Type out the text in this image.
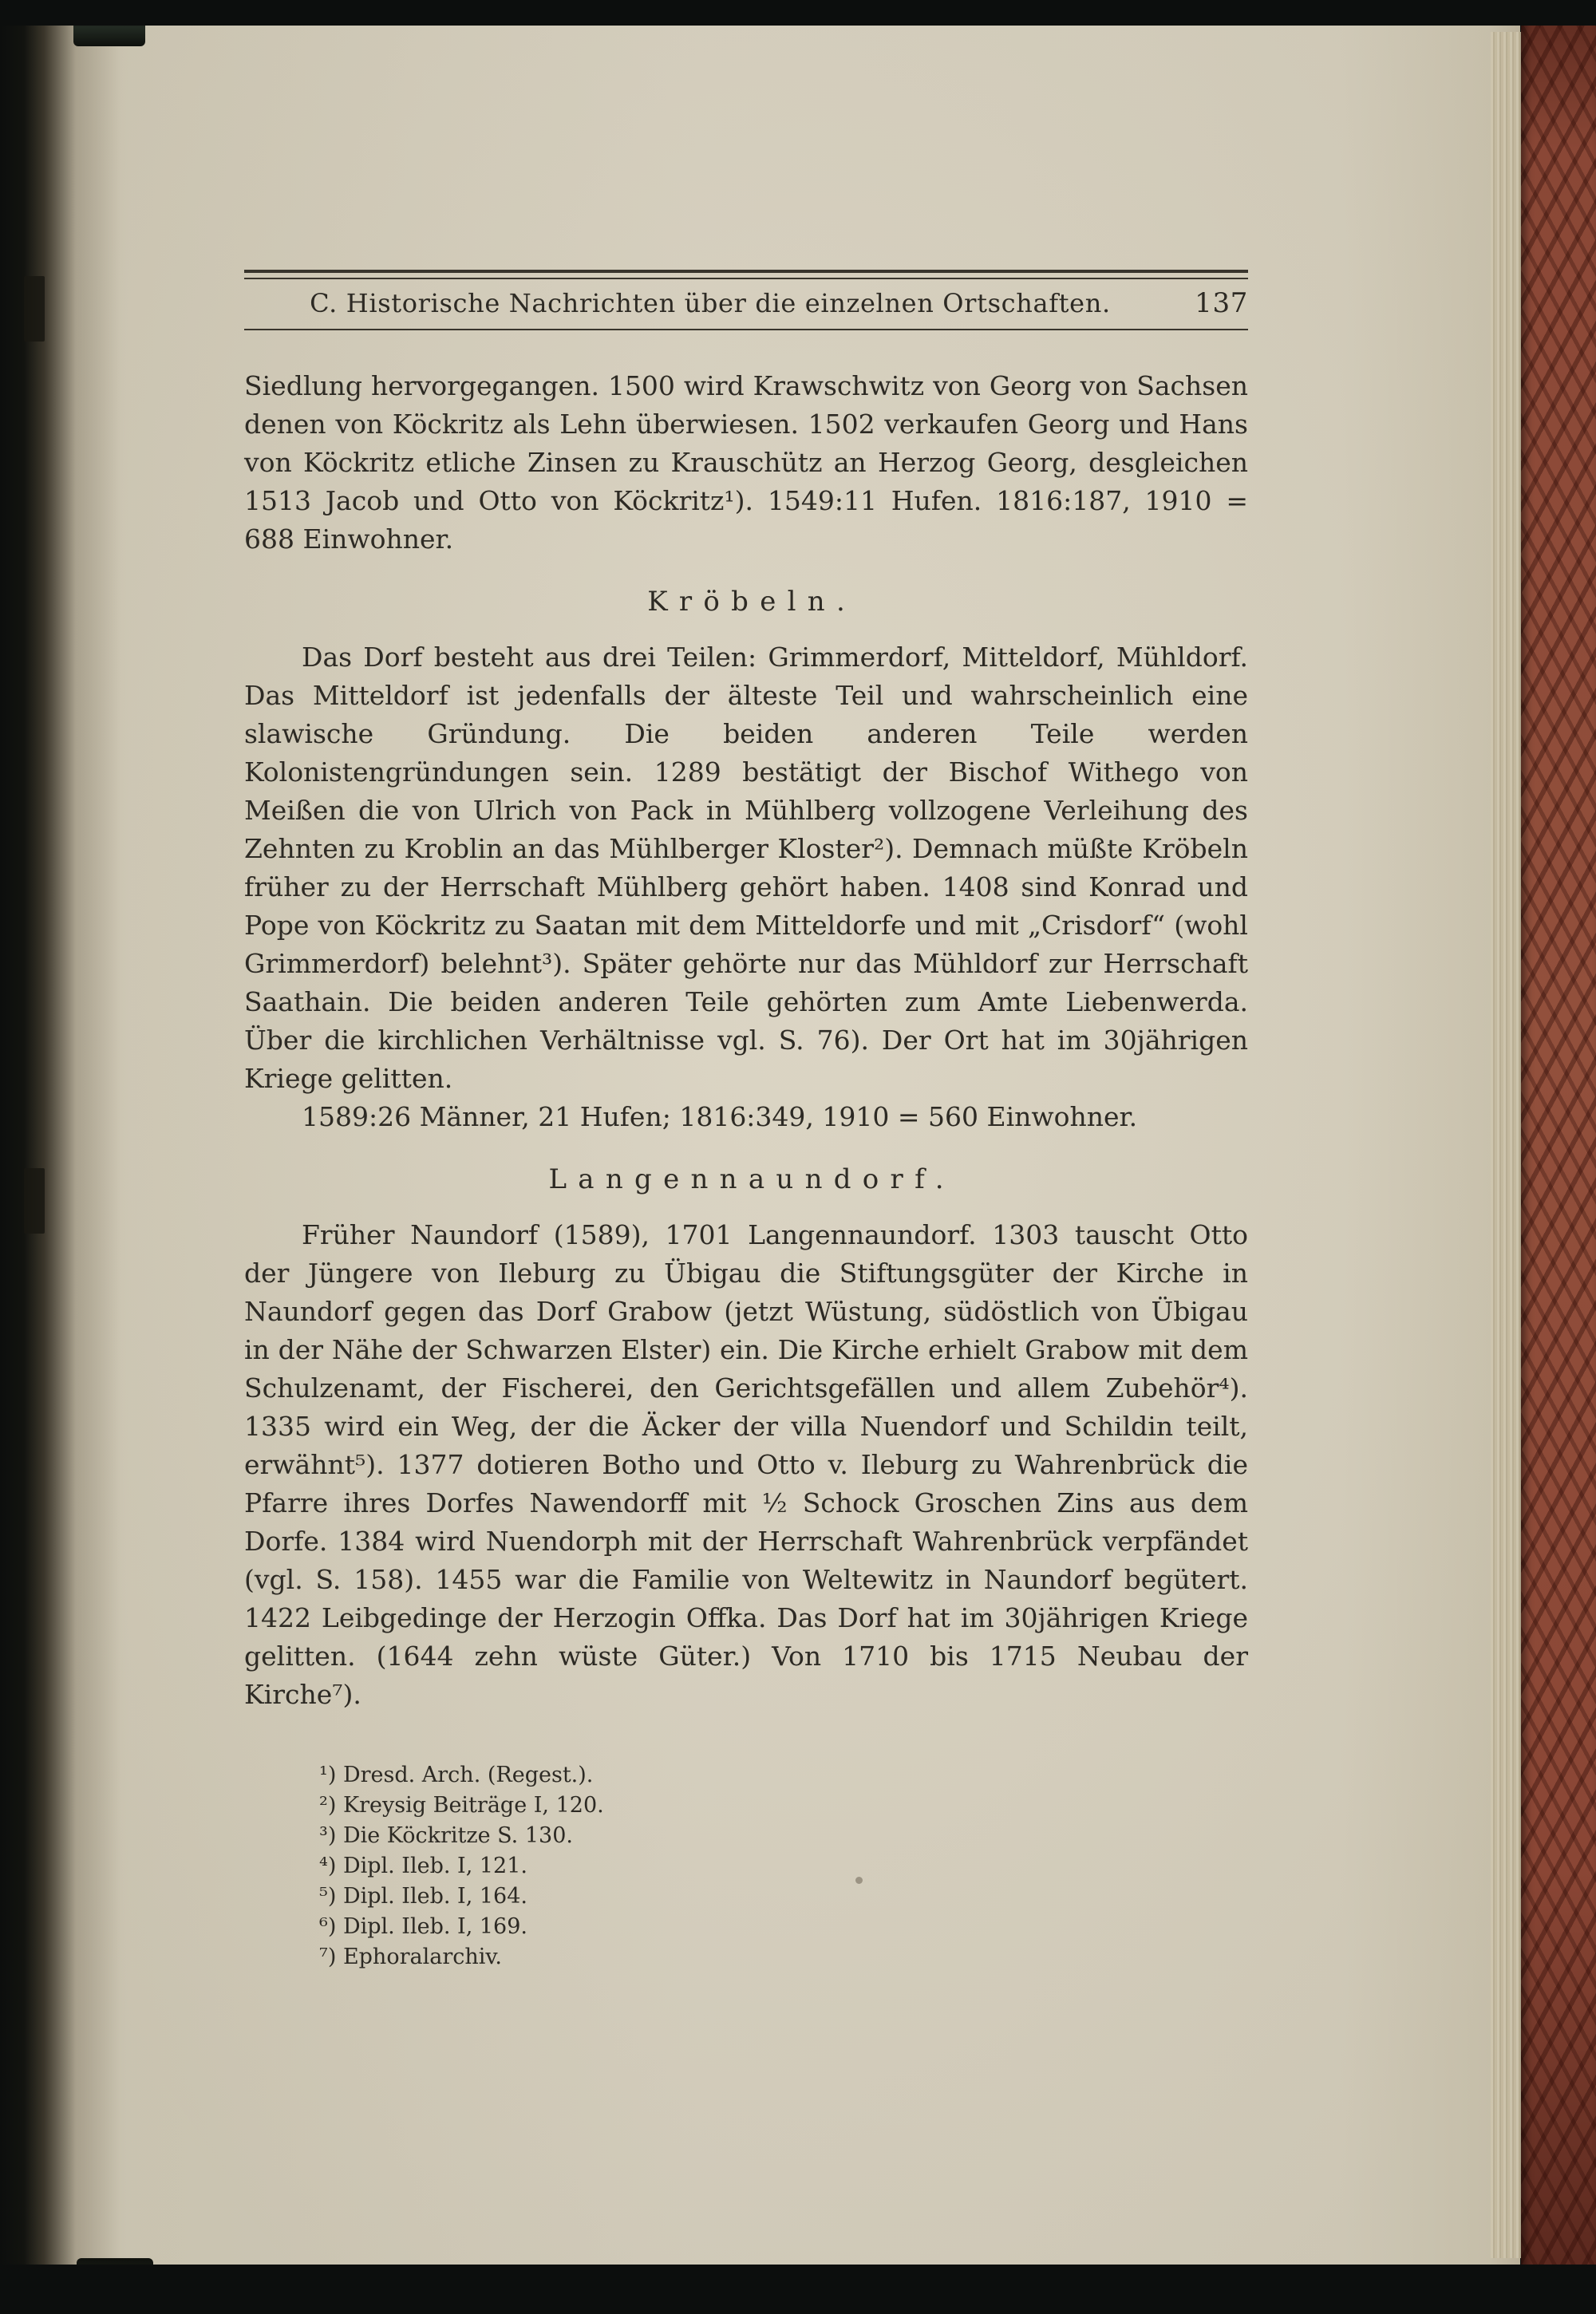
C. Historische Nachrichten über die einzelnen Ortschaften.	137

Siedlung hervorgegangen. 1500 wird Krawschwitz von Georg von Sachsen denen von Köckritz als Lehn überwiesen. 1502 verkaufen Georg und Hans von Köckritz etliche Zinsen zu Krauschütz an Herzog Georg, desgleichen 1513 Jacob und Otto von Köckritz¹). 1549:11 Hufen. 1816:187, 1910 = 688 Einwohner.

Kröbeln.

Das Dorf besteht aus drei Teilen: Grimmerdorf, Mitteldorf, Mühldorf. Das Mitteldorf ist jedenfalls der älteste Teil und wahrscheinlich eine slawische Gründung. Die beiden anderen Teile werden Kolonistengründungen sein. 1289 bestätigt der Bischof Withego von Meißen die von Ulrich von Pack in Mühlberg vollzogene Verleihung des Zehnten zu Kroblin an das Mühlberger Kloster²). Demnach müßte Kröbeln früher zu der Herrschaft Mühlberg gehört haben. 1408 sind Konrad und Pope von Köckritz zu Saatan mit dem Mitteldorfe und mit „Crisdorf“ (wohl Grimmerdorf) belehnt³). Später gehörte nur das Mühldorf zur Herrschaft Saathain. Die beiden anderen Teile gehörten zum Amte Liebenwerda. Über die kirchlichen Verhältnisse vgl. S. 76). Der Ort hat im 30jährigen Kriege gelitten.

1589:26 Männer, 21 Hufen; 1816:349, 1910 = 560 Einwohner.

Langennaundorf.

Früher Naundorf (1589), 1701 Langennaundorf. 1303 tauscht Otto der Jüngere von Ileburg zu Übigau die Stiftungsgüter der Kirche in Naundorf gegen das Dorf Grabow (jetzt Wüstung, südöstlich von Übigau in der Nähe der Schwarzen Elster) ein. Die Kirche erhielt Grabow mit dem Schulzenamt, der Fischerei, den Gerichtsgefällen und allem Zubehör⁴). 1335 wird ein Weg, der die Äcker der villa Nuendorf und Schildin teilt, erwähnt⁵). 1377 dotieren Botho und Otto v. Ileburg zu Wahrenbrück die Pfarre ihres Dorfes Nawendorff mit ½ Schock Groschen Zins aus dem Dorfe. 1384 wird Nuendorph mit der Herrschaft Wahrenbrück verpfändet (vgl. S. 158). 1455 war die Familie von Weltewitz in Naundorf begütert. 1422 Leibgedinge der Herzogin Offka. Das Dorf hat im 30jährigen Kriege gelitten. (1644 zehn wüste Güter.) Von 1710 bis 1715 Neubau der Kirche⁷).

¹) Dresd. Arch. (Regest.).
²) Kreysig Beiträge I, 120.
³) Die Köckritze S. 130.
⁴) Dipl. Ileb. I, 121.
⁵) Dipl. Ileb. I, 164.
⁶) Dipl. Ileb. I, 169.
⁷) Ephoralarchiv.
